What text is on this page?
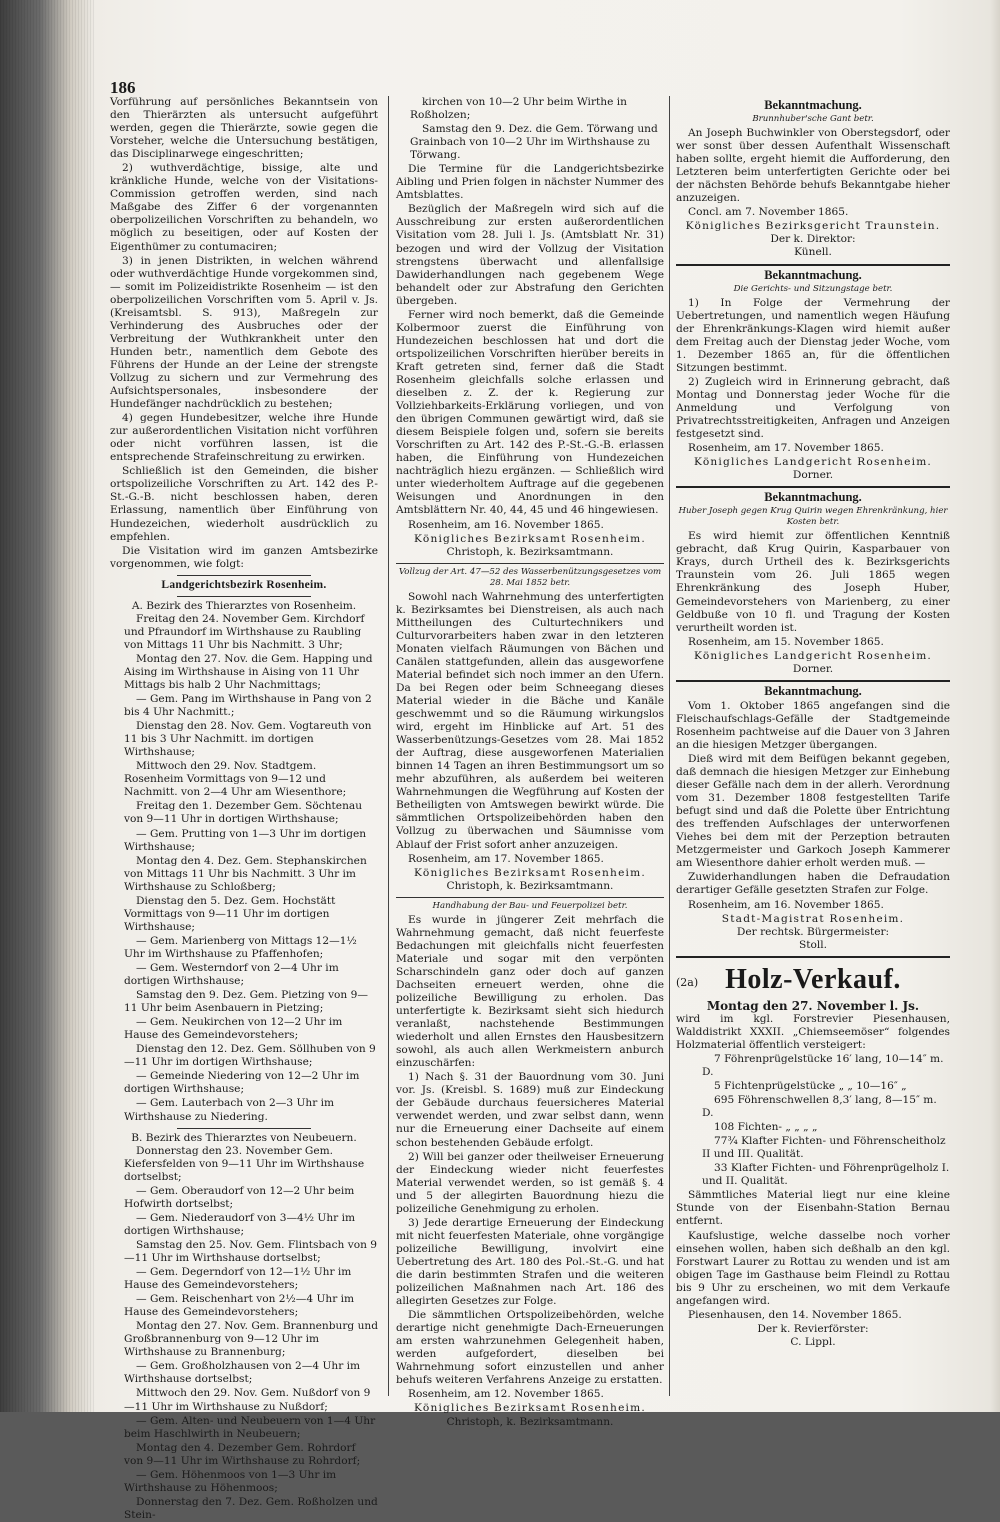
186

Vorführung auf persönliches Bekanntsein von den Thierärzten als untersucht aufgeführt werden, gegen die Thierärzte, sowie gegen die Vorsteher, welche die Untersuchung bestätigen, das Disciplinarwege eingeschritten;

2) wuthverdächtige, bissige, alte und kränkliche Hunde, welche von der Visitations-Commission getroffen werden, sind nach Maßgabe des Ziffer 6 der vorgenannten oberpolizeilichen Vorschriften zu behandeln, wo möglich zu beseitigen, oder auf Kosten der Eigenthümer zu contumaciren;

3) in jenen Distrikten, in welchen während oder wuthverdächtige Hunde vorgekommen sind, — somit im Polizeidistrikte Rosenheim — ist den oberpolizeilichen Vorschriften vom 5. April v. Js. (Kreisamtsbl. S. 913), Maßregeln zur Verhinderung des Ausbruches oder der Verbreitung der Wuthkrankheit unter den Hunden betr., namentlich dem Gebote des Führens der Hunde an der Leine der strengste Vollzug zu sichern und zur Vermehrung des Aufsichtspersonales, insbesondere der Hundefänger nachdrücklich zu bestehen;

4) gegen Hundebesitzer, welche ihre Hunde zur außerordentlichen Visitation nicht vorführen oder nicht vorführen lassen, ist die entsprechende Strafeinschreitung zu erwirken.

Schließlich ist den Gemeinden, die bisher ortspolizeiliche Vorschriften zu Art. 142 des P.-St.-G.-B. nicht beschlossen haben, deren Erlassung, namentlich über Einführung von Hundezeichen, wiederholt ausdrücklich zu empfehlen.

Die Visitation wird im ganzen Amtsbezirke vorgenommen, wie folgt:

Landgerichtsbezirk Rosenheim.
A. Bezirk des Thierarztes von Rosenheim.

Freitag den 24. November Gem. Kirchdorf und Pfraundorf im Wirthshause zu Raubling von Mittags 11 Uhr bis Nachmitt. 3 Uhr;

Montag den 27. Nov. die Gem. Happing und Aising im Wirthshause in Aising von 11 Uhr Mittags bis halb 2 Uhr Nachmittags;

— Gem. Pang im Wirthshause in Pang von 2 bis 4 Uhr Nachmitt.;

Dienstag den 28. Nov. Gem. Vogtareuth von 11 bis 3 Uhr Nachmitt. im dortigen Wirthshause;

Mittwoch den 29. Nov. Stadtgem. Rosenheim Vormittags von 9—12 und Nachmitt. von 2—4 Uhr am Wiesenthore;

Freitag den 1. Dezember Gem. Söchtenau von 9—11 Uhr in dortigen Wirthshause;

— Gem. Prutting von 1—3 Uhr im dortigen Wirthshause;

Montag den 4. Dez. Gem. Stephanskirchen von Mittags 11 Uhr bis Nachmitt. 3 Uhr im Wirthshause zu Schloßberg;

Dienstag den 5. Dez. Gem. Hochstätt Vormittags von 9—11 Uhr im dortigen Wirthshause;

— Gem. Marienberg von Mittags 12—1½ Uhr im Wirthshause zu Pfaffenhofen;

— Gem. Westerndorf von 2—4 Uhr im dortigen Wirthshause;

Samstag den 9. Dez. Gem. Pietzing von 9—11 Uhr beim Asenbauern in Pietzing;

— Gem. Neukirchen von 12—2 Uhr im Hause des Gemeindevorstehers;

Dienstag den 12. Dez. Gem. Söllhuben von 9—11 Uhr im dortigen Wirthshause;

— Gemeinde Niedering von 12—2 Uhr im dortigen Wirthshause;

— Gem. Lauterbach von 2—3 Uhr im Wirthshause zu Niedering.

B. Bezirk des Thierarztes von Neubeuern.

Donnerstag den 23. November Gem. Kiefersfelden von 9—11 Uhr im Wirthshause dortselbst;

— Gem. Oberaudorf von 12—2 Uhr beim Hofwirth dortselbst;

— Gem. Niederaudorf von 3—4½ Uhr im dortigen Wirthshause;

Samstag den 25. Nov. Gem. Flintsbach von 9—11 Uhr im Wirthshause dortselbst;

— Gem. Degerndorf von 12—1½ Uhr im Hause des Gemeindevorstehers;

— Gem. Reischenhart von 2½—4 Uhr im Hause des Gemeindevorstehers;

Montag den 27. Nov. Gem. Brannenburg und Großbrannenburg von 9—12 Uhr im Wirthshause zu Brannenburg;

— Gem. Großholzhausen von 2—4 Uhr im Wirthshause dortselbst;

Mittwoch den 29. Nov. Gem. Nußdorf von 9—11 Uhr im Wirthshause zu Nußdorf;

— Gem. Alten- und Neubeuern von 1—4 Uhr beim Haschlwirth in Neubeuern;

Montag den 4. Dezember Gem. Rohrdorf von 9—11 Uhr im Wirthshause zu Rohrdorf;

— Gem. Höhenmoos von 1—3 Uhr im Wirthshause zu Höhenmoos;

Donnerstag den 7. Dez. Gem. Roßholzen und Stein-

kirchen von 10—2 Uhr beim Wirthe in Roßholzen;

Samstag den 9. Dez. die Gem. Törwang und Grainbach von 10—2 Uhr im Wirthshause zu Törwang.

Die Termine für die Landgerichtsbezirke Aibling und Prien folgen in nächster Nummer des Amtsblattes.

Bezüglich der Maßregeln wird sich auf die Ausschreibung zur ersten außerordentlichen Visitation vom 28. Juli l. Js. (Amtsblatt Nr. 31) bezogen und wird der Vollzug der Visitation strengstens überwacht und allenfallsige Dawiderhandlungen nach gegebenem Wege behandelt oder zur Abstrafung den Gerichten übergeben.

Ferner wird noch bemerkt, daß die Gemeinde Kolbermoor zuerst die Einführung von Hundezeichen beschlossen hat und dort die ortspolizeilichen Vorschriften hierüber bereits in Kraft getreten sind, ferner daß die Stadt Rosenheim gleichfalls solche erlassen und dieselben z. Z. der k. Regierung zur Vollziehbarkeits-Erklärung vorliegen, und von den übrigen Communen gewärtigt wird, daß sie diesem Beispiele folgen und, sofern sie bereits Vorschriften zu Art. 142 des P.-St.-G.-B. erlassen haben, die Einführung von Hundezeichen nachträglich hiezu ergänzen. — Schließlich wird unter wiederholtem Auftrage auf die gegebenen Weisungen und Anordnungen in den Amtsblättern Nr. 40, 44, 45 und 46 hingewiesen.

Rosenheim, am 16. November 1865.

Königliches Bezirksamt Rosenheim.
Christoph, k. Bezirksamtmann.
Vollzug der Art. 47—52 des Wasserbenützungsgesetzes vom 28. Mai 1852 betr.

Sowohl nach Wahrnehmung des unterfertigten k. Bezirksamtes bei Dienstreisen, als auch nach Mittheilungen des Culturtechnikers und Culturvorarbeiters haben zwar in den letzteren Monaten vielfach Räumungen von Bächen und Canälen stattgefunden, allein das ausgeworfene Material befindet sich noch immer an den Ufern. Da bei Regen oder beim Schneegang dieses Material wieder in die Bäche und Kanäle geschwemmt und so die Räumung wirkungslos wird, ergeht im Hinblicke auf Art. 51 des Wasserbenützungs-Gesetzes vom 28. Mai 1852 der Auftrag, diese ausgeworfenen Materialien binnen 14 Tagen an ihren Bestimmungsort um so mehr abzuführen, als außerdem bei weiteren Wahrnehmungen die Wegführung auf Kosten der Betheiligten von Amtswegen bewirkt würde. Die sämmtlichen Ortspolizeibehörden haben den Vollzug zu überwachen und Säumnisse vom Ablauf der Frist sofort anher anzuzeigen.

Rosenheim, am 17. November 1865.

Königliches Bezirksamt Rosenheim.
Christoph, k. Bezirksamtmann.
Handhabung der Bau- und Feuerpolizei betr.

Es wurde in jüngerer Zeit mehrfach die Wahrnehmung gemacht, daß nicht feuerfeste Bedachungen mit gleichfalls nicht feuerfesten Materiale und sogar mit den verpönten Scharschindeln ganz oder doch auf ganzen Dachseiten erneuert werden, ohne die polizeiliche Bewilligung zu erholen. Das unterfertigte k. Bezirksamt sieht sich hiedurch veranlaßt, nachstehende Bestimmungen wiederholt und allen Ernstes den Hausbesitzern sowohl, als auch allen Werkmeistern anburch einzuschärfen:

1) Nach §. 31 der Bauordnung vom 30. Juni vor. Js. (Kreisbl. S. 1689) muß zur Eindeckung der Gebäude durchaus feuersicheres Material verwendet werden, und zwar selbst dann, wenn nur die Erneuerung einer Dachseite auf einem schon bestehenden Gebäude erfolgt.

2) Will bei ganzer oder theilweiser Erneuerung der Eindeckung wieder nicht feuerfestes Material verwendet werden, so ist gemäß §. 4 und 5 der allegirten Bauordnung hiezu die polizeiliche Genehmigung zu erholen.

3) Jede derartige Erneuerung der Eindeckung mit nicht feuerfesten Materiale, ohne vorgängige polizeiliche Bewilligung, involvirt eine Uebertretung des Art. 180 des Pol.-St.-G. und hat die darin bestimmten Strafen und die weiteren polizeilichen Maßnahmen nach Art. 186 des allegirten Gesetzes zur Folge.

Die sämmtlichen Ortspolizeibehörden, welche derartige nicht genehmigte Dach-Erneuerungen am ersten wahrzunehmen Gelegenheit haben, werden aufgefordert, dieselben bei Wahrnehmung sofort einzustellen und anher behufs weiteren Verfahrens Anzeige zu erstatten.

Rosenheim, am 12. November 1865.

Königliches Bezirksamt Rosenheim.
Christoph, k. Bezirksamtmann.
Bekanntmachung.
Brunnhuber'sche Gant betr.

An Joseph Buchwinkler von Oberstegsdorf, oder wer sonst über dessen Aufenthalt Wissenschaft haben sollte, ergeht hiemit die Aufforderung, den Letzteren beim unterfertigten Gerichte oder bei der nächsten Behörde behufs Bekanntgabe hieher anzuzeigen.

Concl. am 7. November 1865.

Königliches Bezirksgericht Traunstein.
Der k. Direktor:
Künell.
Bekanntmachung.
Die Gerichts- und Sitzungstage betr.

1) In Folge der Vermehrung der Uebertretungen, und namentlich wegen Häufung der Ehrenkränkungs-Klagen wird hiemit außer dem Freitag auch der Dienstag jeder Woche, vom 1. Dezember 1865 an, für die öffentlichen Sitzungen bestimmt.

2) Zugleich wird in Erinnerung gebracht, daß Montag und Donnerstag jeder Woche für die Anmeldung und Verfolgung von Privatrechtsstreitigkeiten, Anfragen und Anzeigen festgesetzt sind.

Rosenheim, am 17. November 1865.

Königliches Landgericht Rosenheim.
Dorner.
Bekanntmachung.
Huber Joseph gegen Krug Quirin wegen Ehrenkränkung, hier Kosten betr.

Es wird hiemit zur öffentlichen Kenntniß gebracht, daß Krug Quirin, Kasparbauer von Krays, durch Urtheil des k. Bezirksgerichts Traunstein vom 26. Juli 1865 wegen Ehrenkränkung des Joseph Huber, Gemeindevorstehers von Marienberg, zu einer Geldbuße von 10 fl. und Tragung der Kosten verurtheilt worden ist.

Rosenheim, am 15. November 1865.

Königliches Landgericht Rosenheim.
Dorner.
Bekanntmachung.

Vom 1. Oktober 1865 angefangen sind die Fleischaufschlags-Gefälle der Stadtgemeinde Rosenheim pachtweise auf die Dauer von 3 Jahren an die hiesigen Metzger übergangen.

Dieß wird mit dem Beifügen bekannt gegeben, daß demnach die hiesigen Metzger zur Einhebung dieser Gefälle nach dem in der allerh. Verordnung vom 31. Dezember 1808 festgestellten Tarife befugt sind und daß die Polette über Entrichtung des treffenden Aufschlages der unterworfenen Viehes bei dem mit der Perzeption betrauten Metzgermeister und Garkoch Joseph Kammerer am Wiesenthore dahier erholt werden muß. —

Zuwiderhandlungen haben die Defraudation derartiger Gefälle gesetzten Strafen zur Folge.

Rosenheim, am 16. November 1865.

Stadt-Magistrat Rosenheim.
Der rechtsk. Bürgermeister:
Stoll.
(2a) Holz-Verkauf.
Montag den 27. November l. Js.

wird im kgl. Forstrevier Piesenhausen, Walddistrikt XXXII. „Chiemseemöser“ folgendes Holzmaterial öffentlich versteigert:

7 Föhrenprügelstücke 16′ lang, 10—14″ m. D.

5 Fichtenprügelstücke „ „ 10—16″ „

695 Föhrenschwellen 8,3′ lang, 8—15″ m. D.

108 Fichten- „ „ „ „

77¾ Klafter Fichten- und Föhrenscheitholz II und III. Qualität.

33 Klafter Fichten- und Föhrenprügelholz I. und II. Qualität.

Sämmtliches Material liegt nur eine kleine Stunde von der Eisenbahn-Station Bernau entfernt.

Kaufslustige, welche dasselbe noch vorher einsehen wollen, haben sich deßhalb an den kgl. Forstwart Laurer zu Rottau zu wenden und ist am obigen Tage im Gasthause beim Fleindl zu Rottau bis 9 Uhr zu erscheinen, wo mit dem Verkaufe angefangen wird.

Piesenhausen, den 14. November 1865.

Der k. Revierförster:
C. Lippl.
